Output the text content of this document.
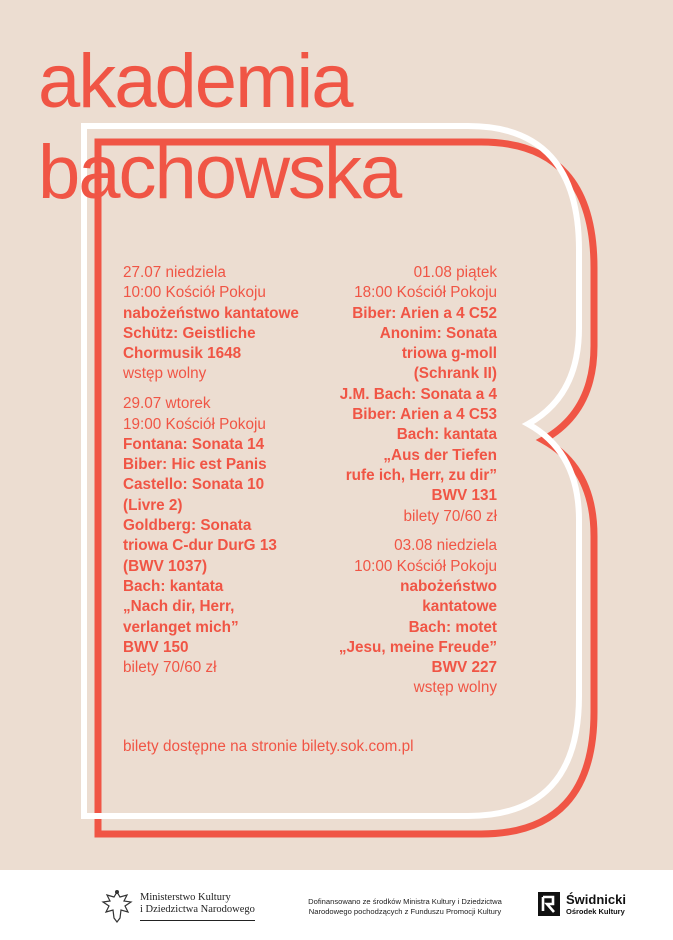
akademia
bachowska
27.07 niedziela
10:00 Kościół Pokoju
nabożeństwo kantatowe
Schütz: Geistliche
Chormusik 1648
wstęp wolny
29.07 wtorek
19:00 Kościół Pokoju
Fontana: Sonata 14
Biber: Hic est Panis
Castello: Sonata 10
(Livre 2)
Goldberg: Sonata
triowa C-dur DurG 13
(BWV 1037)
Bach: kantata
„Nach dir, Herr,
verlanget mich”
BWV 150
bilety 70/60 zł
01.08 piątek
18:00 Kościół Pokoju
Biber: Arien a 4 C52
Anonim: Sonata
triowa g-moll
(Schrank II)
J.M. Bach: Sonata a 4
Biber: Arien a 4 C53
Bach: kantata
„Aus der Tiefen
rufe ich, Herr, zu dir”
BWV 131
bilety 70/60 zł
03.08 niedziela
10:00 Kościół Pokoju
nabożeństwo
kantatowe
Bach: motet
„Jesu, meine Freude”
BWV 227
wstęp wolny
bilety dostępne na stronie bilety.sok.com.pl
Ministerstwo Kultury
i Dziedzictwa Narodowego
Dofinansowano ze środków Ministra Kultury i Dziedzictwa
Narodowego pochodzących z Funduszu Promocji Kultury
Świdnicki
Ośrodek Kultury
